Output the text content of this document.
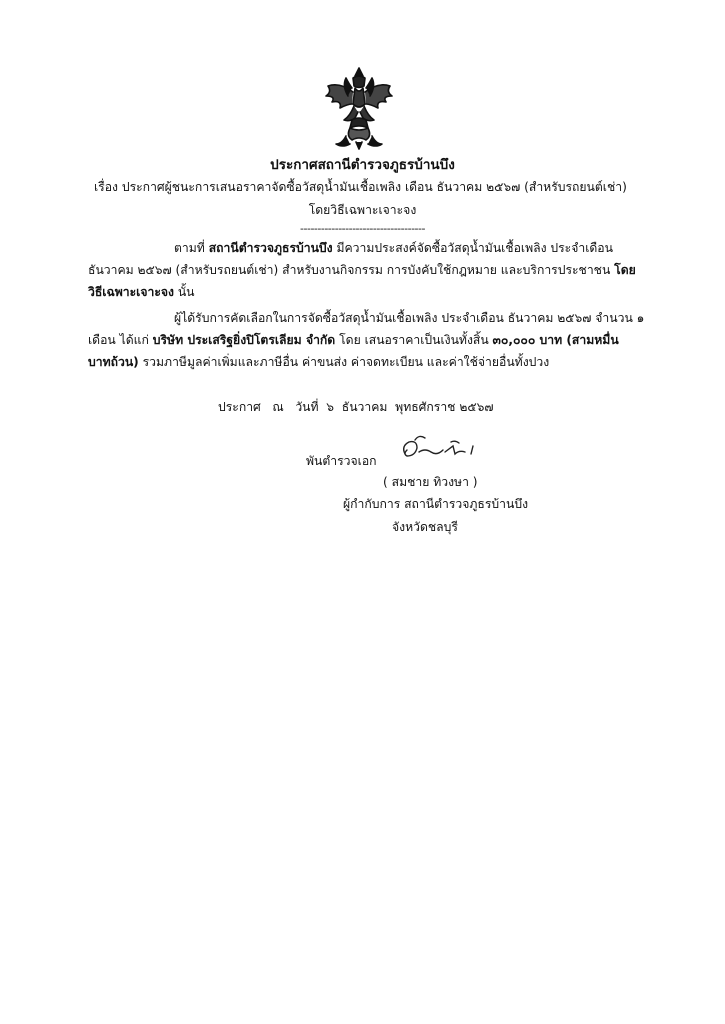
ประกาศสถานีตำรวจภูธรบ้านบึง
เรื่อง ประกาศผู้ชนะการเสนอราคาจัดซื้อวัสดุน้ำมันเชื้อเพลิง เดือน ธันวาคม ๒๕๖๗ (สำหรับรถยนต์เช่า)
โดยวิธีเฉพาะเจาะจง
------------------------------------
ตามที่ สถานีตำรวจภูธรบ้านบึง มีความประสงค์จัดซื้อวัสดุน้ำมันเชื้อเพลิง ประจำเดือน
ธันวาคม ๒๕๖๗ (สำหรับรถยนต์เช่า) สำหรับงานกิจกรรม การบังคับใช้กฎหมาย และบริการประชาชน โดย
วิธีเฉพาะเจาะจง นั้น
ผู้ได้รับการคัดเลือกในการจัดซื้อวัสดุน้ำมันเชื้อเพลิง ประจำเดือน ธันวาคม ๒๕๖๗ จำนวน ๑
เดือน ได้แก่ บริษัท ประเสริฐยิ่งปิโตรเลียม จำกัด โดย เสนอราคาเป็นเงินทั้งสิ้น ๓๐,๐๐๐ บาท (สามหมื่น
บาทถ้วน) รวมภาษีมูลค่าเพิ่มและภาษีอื่น ค่าขนส่ง ค่าจดทะเบียน และค่าใช้จ่ายอื่นทั้งปวง
ประกาศ   ณ   วันที่  ๖  ธันวาคม  พุทธศักราช ๒๕๖๗
พันตำรวจเอก
( สมชาย ทิวงษา )
ผู้กำกับการ สถานีตำรวจภูธรบ้านบึง
จังหวัดชลบุรี
